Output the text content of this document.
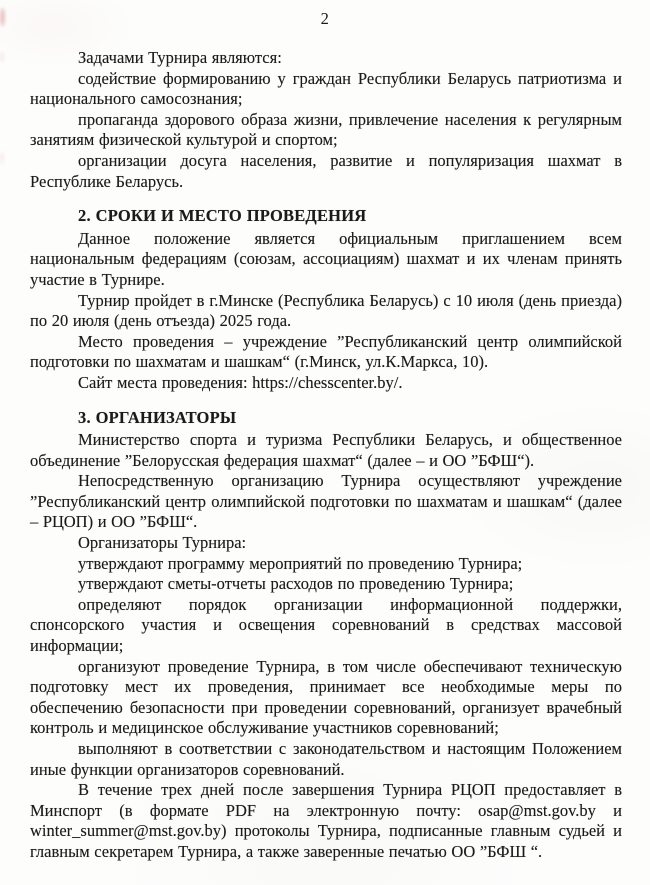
2

Задачами Турнира являются:

содействие формированию у граждан Республики Беларусь патриотизма и национального самосознания;

пропаганда здорового образа жизни, привлечение населения к регулярным занятиям физической культурой и спортом;

организации досуга населения, развитие и популяризация шахмат в Республике Беларусь.

2. СРОКИ И МЕСТО ПРОВЕДЕНИЯ

Данное положение является официальным приглашением всем национальным федерациям (союзам, ассоциациям) шахмат и их членам принять участие в Турнире.

Турнир пройдет в г.Минске (Республика Беларусь) с 10 июля (день приезда) по 20 июля (день отъезда) 2025 года.

Место проведения – учреждение ”Республиканский центр олимпийской подготовки по шахматам и шашкам“ (г.Минск, ул.К.Маркса, 10).

Сайт места проведения: https://chesscenter.by/.

3. ОРГАНИЗАТОРЫ

Министерство спорта и туризма Республики Беларусь, и общественное объединение ”Белорусская федерация шахмат“ (далее – и ОО ”БФШ“).

Непосредственную организацию Турнира осуществляют учреждение ”Республиканский центр олимпийской подготовки по шахматам и шашкам“ (далее – РЦОП) и ОО ”БФШ“.

Организаторы Турнира:

утверждают программу мероприятий по проведению Турнира;

утверждают сметы-отчеты расходов по проведению Турнира;

определяют порядок организации информационной поддержки, спонсорского участия и освещения соревнований в средствах массовой информации;

организуют проведение Турнира, в том числе обеспечивают техническую подготовку мест их проведения, принимает все необходимые меры по обеспечению безопасности при проведении соревнований, организует врачебный контроль и медицинское обслуживание участников соревнований;

выполняют в соответствии с законодательством и настоящим Положением иные функции организаторов соревнований.

В течение трех дней после завершения Турнира РЦОП предоставляет в Минспорт (в формате PDF на электронную почту: osap@mst.gov.by и winter_summer@mst.gov.by) протоколы Турнира, подписанные главным судьей и главным секретарем Турнира, а также заверенные печатью ОО ”БФШ “.
